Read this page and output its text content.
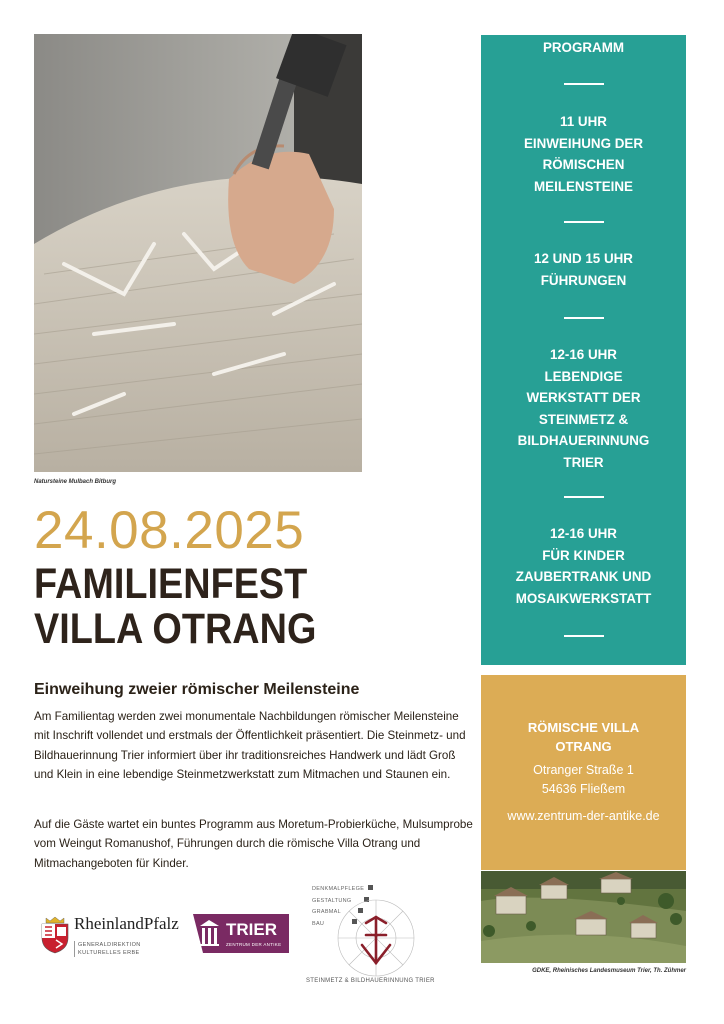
Natursteine Mulbach Bitburg
24.08.2025
FAMILIENFEST
VILLA OTRANG
Einweihung zweier römischer Meilensteine

Am Familientag werden zwei monumentale Nachbildungen römischer Meilensteine mit Inschrift vollendet und erstmals der Öffentlichkeit präsentiert. Die Steinmetz- und Bildhauerinnung Trier informiert über ihr traditionsreiches Handwerk und lädt Groß und Klein in eine lebendige Steinmetzwerkstatt zum Mitmachen und Staunen ein.

Auf die Gäste wartet ein buntes Programm aus Moretum-Probierküche, Mulsumprobe vom Weingut Romanushof, Führungen durch die römische Villa Otrang und Mitmachangeboten für Kinder.

PROGRAMM
11 UHR
EINWEIHUNG DER
RÖMISCHEN
MEILENSTEINE
12 UND 15 UHR
FÜHRUNGEN
12-16 UHR
LEBENDIGE
WERKSTATT DER
STEINMETZ &
BILDHAUERINNUNG
TRIER
12-16 UHR
FÜR KINDER
ZAUBERTRANK UND
MOSAIKWERKSTATT
RÖMISCHE VILLA
OTRANG
Otranger Straße 1
54636 Fließem
www.zentrum-der-antike.de
GDKE, Rheinisches Landesmuseum Trier, Th. Zühmer
RheinlandPfalz
GENERALDIREKTION
KULTURELLES ERBE
TRIER
ZENTRUM DER ANTIKE
DENKMALPFLEGE
GESTALTUNG
GRABMAL
BAU
STEINMETZ & BILDHAUERINNUNG TRIER
